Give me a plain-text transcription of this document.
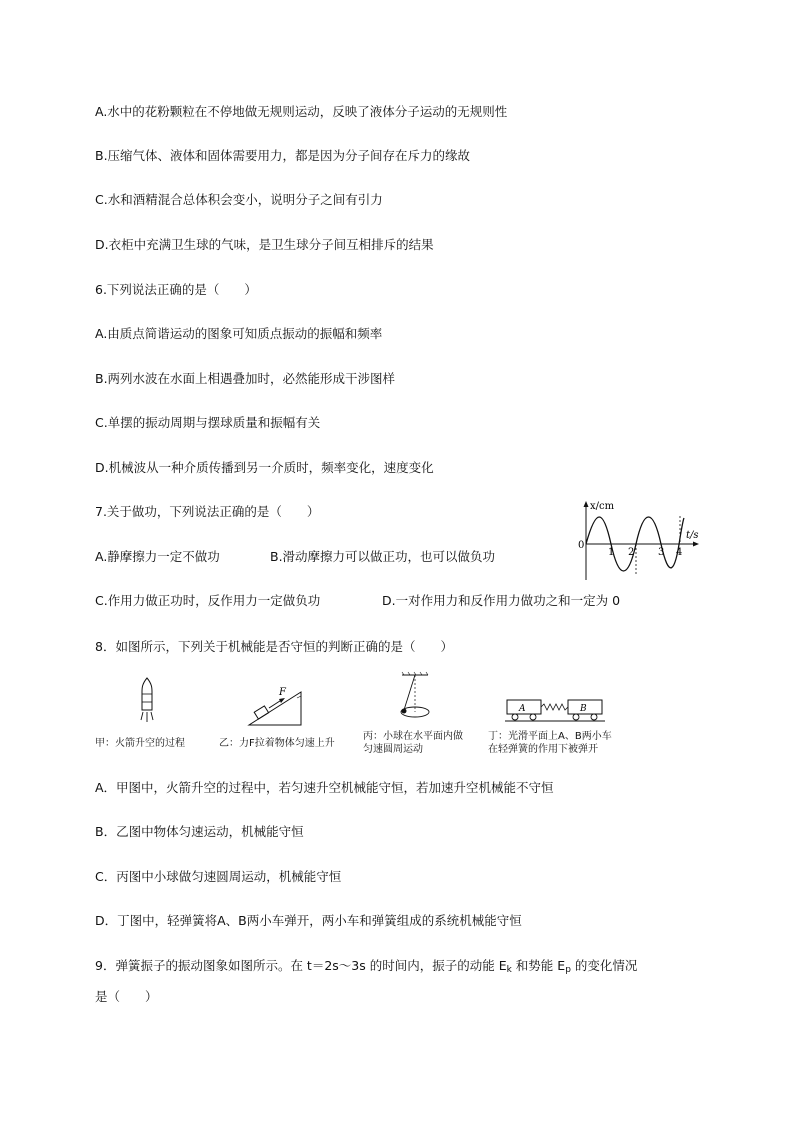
A.水中的花粉颗粒在不停地做无规则运动，反映了液体分子运动的无规则性
B.压缩气体、液体和固体需要用力，都是因为分子间存在斥力的缘故
C.水和酒精混合总体积会变小，说明分子之间有引力
D.衣柜中充满卫生球的气味，是卫生球分子间互相排斥的结果
6.下列说法正确的是（　　）
A.由质点简谐运动的图象可知质点振动的振幅和频率
B.两列水波在水面上相遇叠加时，必然能形成干涉图样
C.单摆的振动周期与摆球质量和振幅有关
D.机械波从一种介质传播到另一介质时，频率变化，速度变化
7.关于做功，下列说法正确的是（　　）
A.静摩擦力一定不做功	B.滑动摩擦力可以做正功，也可以做负功
C.作用力做正功时，反作用力一定做负功	D.一对作用力和反作用力做功之和一定为 0
x/cm
t/s
0
1 2 3 4
8．如图所示，下列关于机械能是否守恒的判断正确的是（　　）
甲：火箭升空的过程
F
乙：力F拉着物体匀速上升
丙：小球在水平面内做
匀速圆周运动
A	B
丁：光滑平面上A、B两小车
在轻弹簧的作用下被弹开
A．甲图中，火箭升空的过程中，若匀速升空机械能守恒，若加速升空机械能不守恒
B．乙图中物体匀速运动，机械能守恒
C．丙图中小球做匀速圆周运动，机械能守恒
D．丁图中，轻弹簧将A、B两小车弹开，两小车和弹簧组成的系统机械能守恒
9．弹簧振子的振动图象如图所示。在 t＝2s～3s 的时间内，振子的动能 $E_k$ 和势能 $E_p$ 的变化情况
是（　　）
